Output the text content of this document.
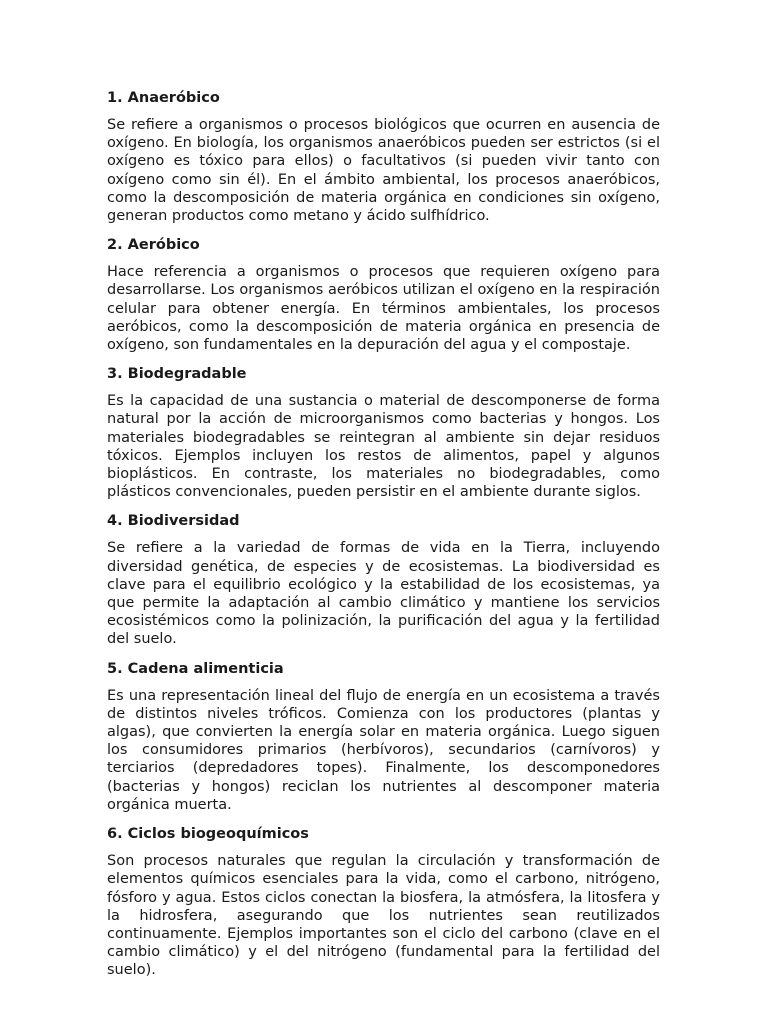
1. Anaeróbico

Se refiere a organismos o procesos biológicos que ocurren en ausencia de oxígeno. En biología, los organismos anaeróbicos pueden ser estrictos (si el oxígeno es tóxico para ellos) o facultativos (si pueden vivir tanto con oxígeno como sin él). En el ámbito ambiental, los procesos anaeróbicos, como la descomposición de materia orgánica en condiciones sin oxígeno, generan productos como metano y ácido sulfhídrico.

2. Aeróbico

Hace referencia a organismos o procesos que requieren oxígeno para desarrollarse. Los organismos aeróbicos utilizan el oxígeno en la respiración celular para obtener energía. En términos ambientales, los procesos aeróbicos, como la descomposición de materia orgánica en presencia de oxígeno, son fundamentales en la depuración del agua y el compostaje.

3. Biodegradable

Es la capacidad de una sustancia o material de descomponerse de forma natural por la acción de microorganismos como bacterias y hongos. Los materiales biodegradables se reintegran al ambiente sin dejar residuos tóxicos. Ejemplos incluyen los restos de alimentos, papel y algunos bioplásticos. En contraste, los materiales no biodegradables, como plásticos convencionales, pueden persistir en el ambiente durante siglos.

4. Biodiversidad

Se refiere a la variedad de formas de vida en la Tierra, incluyendo diversidad genética, de especies y de ecosistemas. La biodiversidad es clave para el equilibrio ecológico y la estabilidad de los ecosistemas, ya que permite la adaptación al cambio climático y mantiene los servicios ecosistémicos como la polinización, la purificación del agua y la fertilidad del suelo.

5. Cadena alimenticia

Es una representación lineal del flujo de energía en un ecosistema a través de distintos niveles tróficos. Comienza con los productores (plantas y algas), que convierten la energía solar en materia orgánica. Luego siguen los consumidores primarios (herbívoros), secundarios (carnívoros) y terciarios (depredadores topes). Finalmente, los descomponedores (bacterias y hongos) reciclan los nutrientes al descomponer materia orgánica muerta.

6. Ciclos biogeoquímicos

Son procesos naturales que regulan la circulación y transformación de elementos químicos esenciales para la vida, como el carbono, nitrógeno, fósforo y agua. Estos ciclos conectan la biosfera, la atmósfera, la litosfera y la hidrosfera, asegurando que los nutrientes sean reutilizados continuamente. Ejemplos importantes son el ciclo del carbono (clave en el cambio climático) y el del nitrógeno (fundamental para la fertilidad del suelo).
